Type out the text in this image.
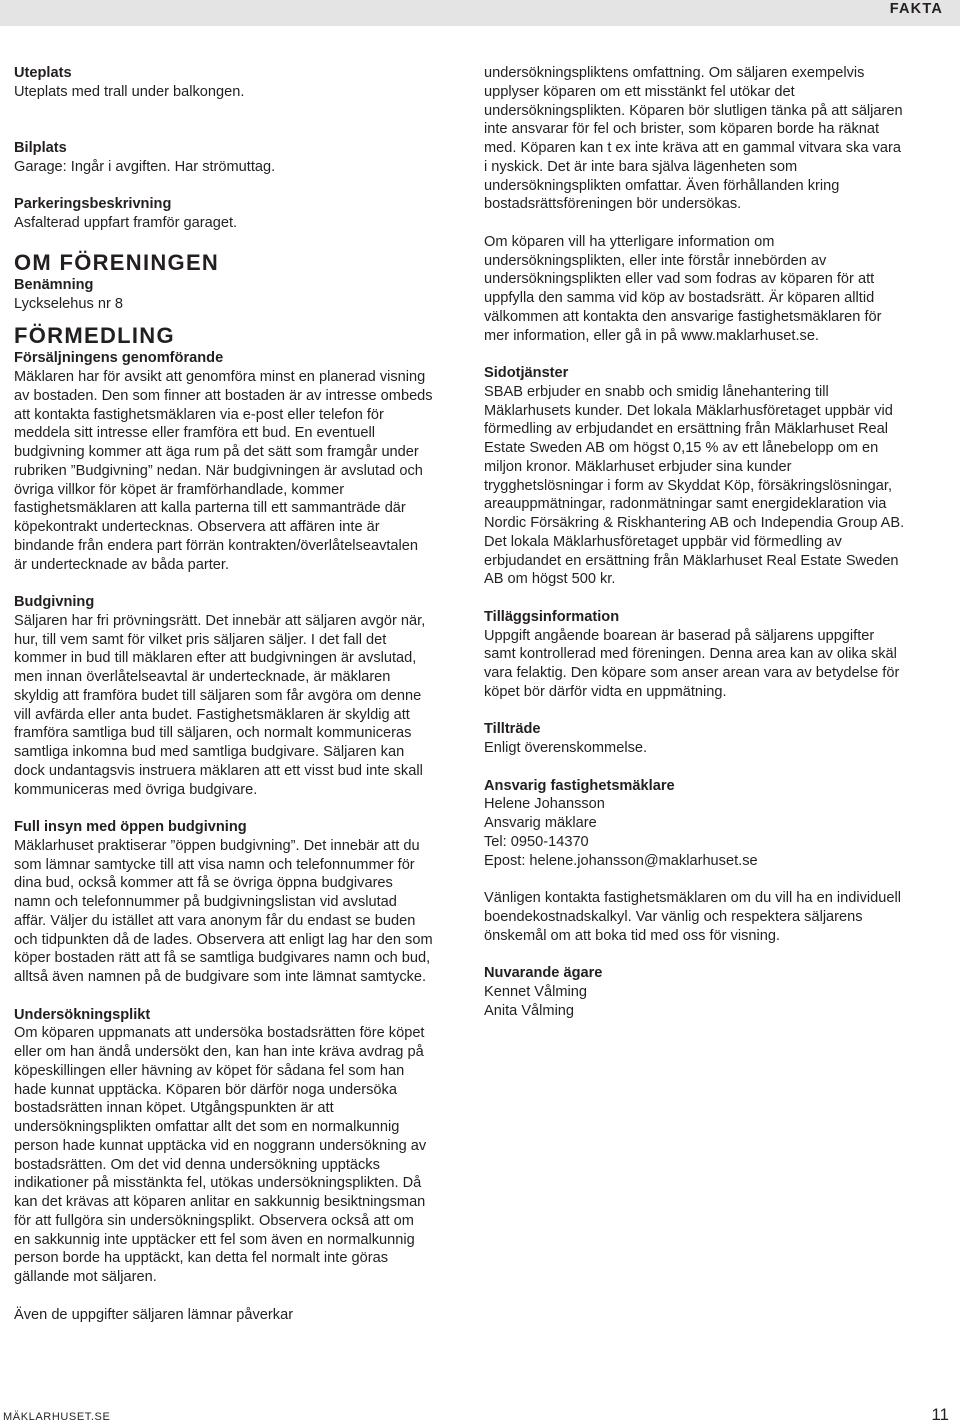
FAKTA

Uteplats

Uteplats med trall under balkongen.

Bilplats

Garage: Ingår i avgiften. Har strömuttag.

Parkeringsbeskrivning

Asfalterad uppfart framför garaget.

OM FÖRENINGEN

Benämning

Lyckselehus nr 8

FÖRMEDLING

Försäljningens genomförande

Mäklaren har för avsikt att genomföra minst en planerad visning

av bostaden. Den som finner att bostaden är av intresse ombeds

att kontakta fastighetsmäklaren via e-post eller telefon för

meddela sitt intresse eller framföra ett bud. En eventuell

budgivning kommer att äga rum på det sätt som framgår under

rubriken ”Budgivning” nedan. När budgivningen är avslutad och

övriga villkor för köpet är framförhandlade, kommer

fastighetsmäklaren att kalla parterna till ett sammanträde där

köpekontrakt undertecknas. Observera att affären inte är

bindande från endera part förrän kontrakten/överlåtelseavtalen

är undertecknade av båda parter.

Budgivning

Säljaren har fri prövningsrätt. Det innebär att säljaren avgör när,

hur, till vem samt för vilket pris säljaren säljer. I det fall det

kommer in bud till mäklaren efter att budgivningen är avslutad,

men innan överlåtelseavtal är undertecknade, är mäklaren

skyldig att framföra budet till säljaren som får avgöra om denne

vill avfärda eller anta budet. Fastighetsmäklaren är skyldig att

framföra samtliga bud till säljaren, och normalt kommuniceras

samtliga inkomna bud med samtliga budgivare. Säljaren kan

dock undantagsvis instruera mäklaren att ett visst bud inte skall

kommuniceras med övriga budgivare.

Full insyn med öppen budgivning

Mäklarhuset praktiserar ”öppen budgivning”. Det innebär att du

som lämnar samtycke till att visa namn och telefonnummer för

dina bud, också kommer att få se övriga öppna budgivares

namn och telefonnummer på budgivningslistan vid avslutad

affär. Väljer du istället att vara anonym får du endast se buden

och tidpunkten då de lades. Observera att enligt lag har den som

köper bostaden rätt att få se samtliga budgivares namn och bud,

alltså även namnen på de budgivare som inte lämnat samtycke.

Undersökningsplikt

Om köparen uppmanats att undersöka bostadsrätten före köpet

eller om han ändå undersökt den, kan han inte kräva avdrag på

köpeskillingen eller hävning av köpet för sådana fel som han

hade kunnat upptäcka. Köparen bör därför noga undersöka

bostadsrätten innan köpet. Utgångspunkten är att

undersökningsplikten omfattar allt det som en normalkunnig

person hade kunnat upptäcka vid en noggrann undersökning av

bostadsrätten. Om det vid denna undersökning upptäcks

indikationer på misstänkta fel, utökas undersökningsplikten. Då

kan det krävas att köparen anlitar en sakkunnig besiktningsman

för att fullgöra sin undersökningsplikt. Observera också att om

en sakkunnig inte upptäcker ett fel som även en normalkunnig

person borde ha upptäckt, kan detta fel normalt inte göras

gällande mot säljaren.

Även de uppgifter säljaren lämnar påverkar

undersökningspliktens omfattning. Om säljaren exempelvis

upplyser köparen om ett misstänkt fel utökar det

undersökningsplikten. Köparen bör slutligen tänka på att säljaren

inte ansvarar för fel och brister, som köparen borde ha räknat

med. Köparen kan t ex inte kräva att en gammal vitvara ska vara

i nyskick. Det är inte bara själva lägenheten som

undersökningsplikten omfattar. Även förhållanden kring

bostadsrättsföreningen bör undersökas.

Om köparen vill ha ytterligare information om

undersökningsplikten, eller inte förstår innebörden av

undersökningsplikten eller vad som fodras av köparen för att

uppfylla den samma vid köp av bostadsrätt. Är köparen alltid

välkommen att kontakta den ansvarige fastighetsmäklaren för

mer information, eller gå in på www.maklarhuset.se.

Sidotjänster

SBAB erbjuder en snabb och smidig lånehantering till

Mäklarhusets kunder. Det lokala Mäklarhusföretaget uppbär vid

förmedling av erbjudandet en ersättning från Mäklarhuset Real

Estate Sweden AB om högst 0,15 % av ett lånebelopp om en

miljon kronor. Mäklarhuset erbjuder sina kunder

trygghetslösningar i form av Skyddat Köp, försäkringslösningar,

areauppmätningar, radonmätningar samt energideklaration via

Nordic Försäkring & Riskhantering AB och Independia Group AB.

Det lokala Mäklarhusföretaget uppbär vid förmedling av

erbjudandet en ersättning från Mäklarhuset Real Estate Sweden

AB om högst 500 kr.

Tilläggsinformation

Uppgift angående boarean är baserad på säljarens uppgifter

samt kontrollerad med föreningen. Denna area kan av olika skäl

vara felaktig. Den köpare som anser arean vara av betydelse för

köpet bör därför vidta en uppmätning.

Tillträde

Enligt överenskommelse.

Ansvarig fastighetsmäklare

Helene Johansson

Ansvarig mäklare

Tel: 0950-14370

Epost: helene.johansson@maklarhuset.se

Vänligen kontakta fastighetsmäklaren om du vill ha en individuell

boendekostnadskalkyl. Var vänlig och respektera säljarens

önskemål om att boka tid med oss för visning.

Nuvarande ägare

Kennet Vålming

Anita Vålming

MÄKLARHUSET.SE	11
